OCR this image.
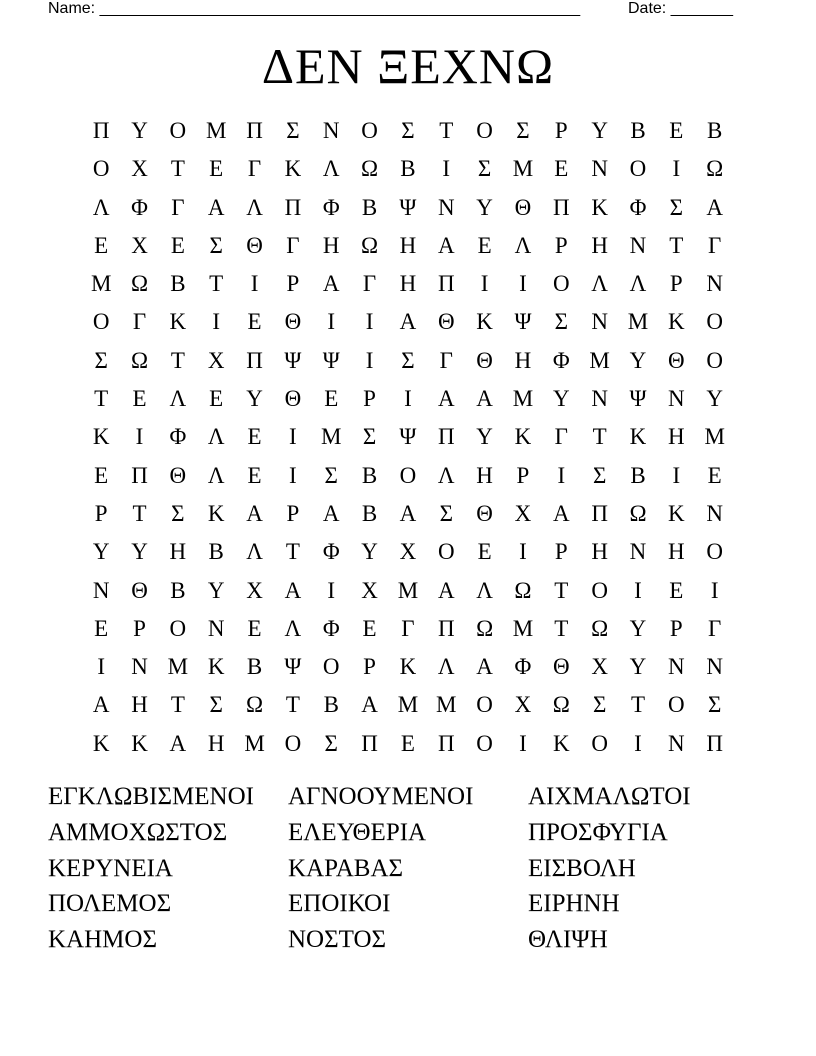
Name: ______________________________________________________	Date: _______
ΔΕΝ ΞΕΧΝΩ
Π Υ Ο Μ Π	Σ	Ν Ο	Σ	Τ	Ο	Σ	Ρ	Υ Β	Ε	Β
Ο Χ	Τ	Ε	Γ	Κ Λ Ω Β	Ι	Σ Μ Ε	Ν Ο	Ι	Ω
Λ Φ	Γ	Α Λ Π Φ Β Ψ Ν Υ Θ Π Κ Φ	Σ	Α
Ε	Χ	Ε	Σ	Θ	Γ	Η Ω Η Α	Ε Λ	Ρ	Η Ν	Τ	Γ
Μ Ω Β	Τ	Ι	Ρ	Α	Γ	Η Π	Ι	Ι	Ο Λ Λ	Ρ	Ν
Ο	Γ	Κ	Ι	Ε	Θ	Ι	Ι	Α Θ Κ Ψ	Σ	Ν Μ Κ Ο
Σ	Ω Τ	Χ Π Ψ Ψ	Ι	Σ	Γ	Θ Η Φ Μ Υ Θ Ο
Τ	Ε Λ Ε	Υ Θ	Ε	Ρ	Ι	Α Α Μ Υ Ν Ψ Ν Υ
Κ	Ι	Φ Λ Ε	Ι	Μ Σ	Ψ Π Υ Κ	Γ	Τ	Κ Η Μ
Ε	Π Θ Λ Ε	Ι	Σ	Β Ο Λ Η	Ρ	Ι	Σ	Β	Ι	Ε
Ρ	Τ	Σ	Κ Α	Ρ	Α Β Α	Σ	Θ Χ Α Π Ω Κ Ν
Υ Υ Η Β Λ Τ Φ Υ Χ Ο	Ε	Ι	Ρ	Η Ν Η Ο
Ν Θ Β Υ Χ Α	Ι	Χ Μ Α Λ Ω Τ	Ο	Ι	Ε	Ι
Ε	Ρ	Ο Ν	Ε Λ Φ Ε	Γ	Π Ω Μ Τ Ω Υ	Ρ	Γ
Ι	Ν Μ Κ Β Ψ Ο	Ρ	Κ Λ Α Φ Θ Χ Υ Ν Ν
Α Η	Τ	Σ	Ω Τ	Β Α Μ Μ Ο Χ Ω	Σ	Τ	Ο	Σ
Κ Κ Α Η Μ Ο	Σ	Π	Ε	Π Ο	Ι	Κ Ο	Ι	Ν Π
ΕΓΚΛΩΒΙΣΜΕΝΟΙ	ΑΓΝΟΟΥΜΕΝΟΙ	ΑΙΧΜΑΛΩΤΟΙ
ΑΜΜΟΧΩΣΤΟΣ	ΕΛΕΥΘΕΡΙΑ	ΠΡΟΣΦΥΓΙΑ
ΚΕΡΥΝΕΙΑ	ΚΑΡΑΒΑΣ	ΕΙΣΒΟΛΗ
ΠΟΛΕΜΟΣ	ΕΠΟΙΚΟΙ	ΕΙΡΗΝΗ
ΚΑΗΜΟΣ	ΝΟΣΤΟΣ	ΘΛΙΨΗ
